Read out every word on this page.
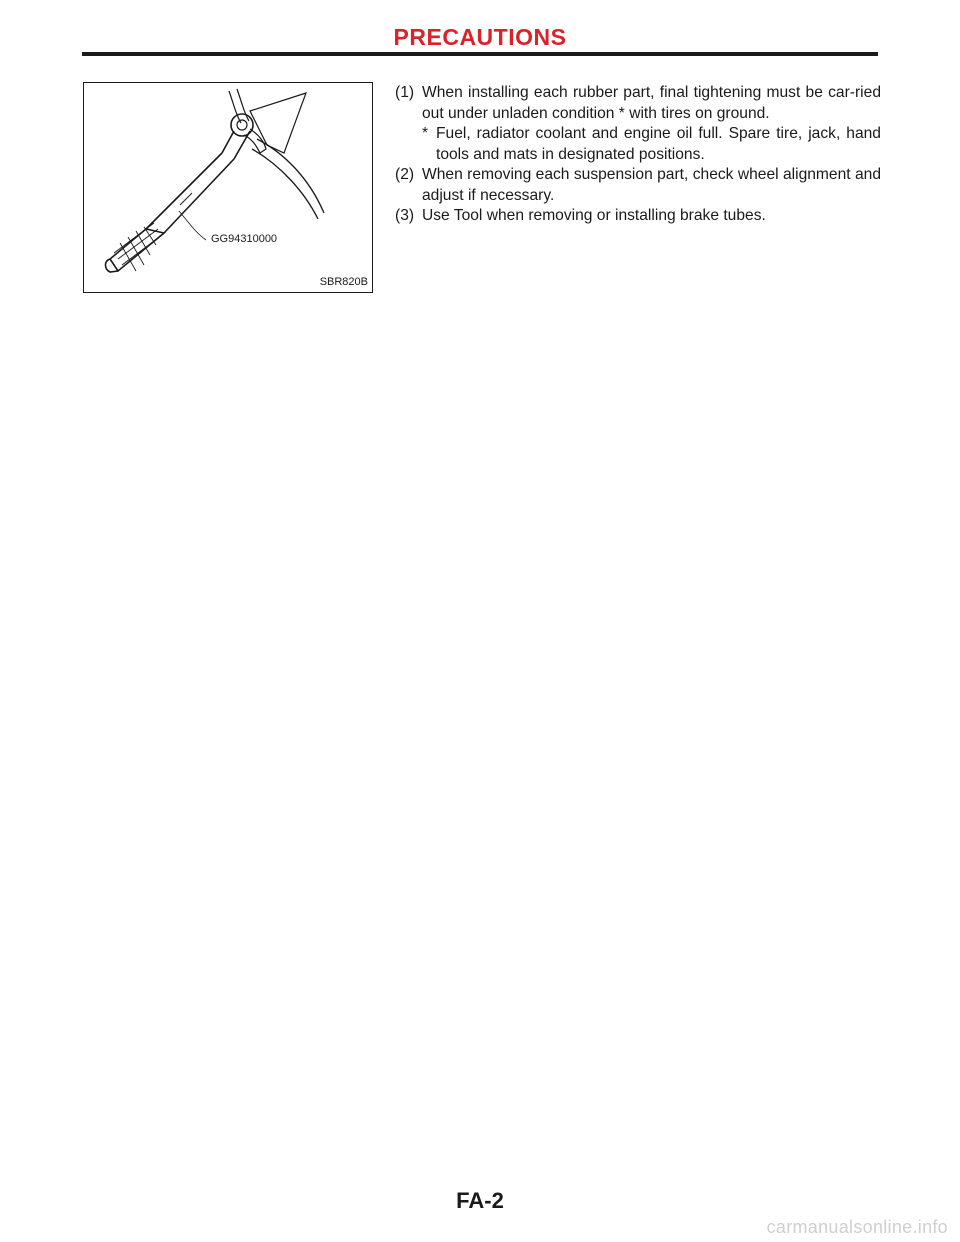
PRECAUTIONS
GG94310000
SBR820B
(1) When installing each rubber part, final tightening must be car-ried out under unladen condition * with tires on ground.
* Fuel, radiator coolant and engine oil full. Spare tire, jack, hand tools and mats in designated positions.
(2) When removing each suspension part, check wheel alignment and adjust if necessary.
(3) Use Tool when removing or installing brake tubes.
FA-2
carmanualsonline.info
